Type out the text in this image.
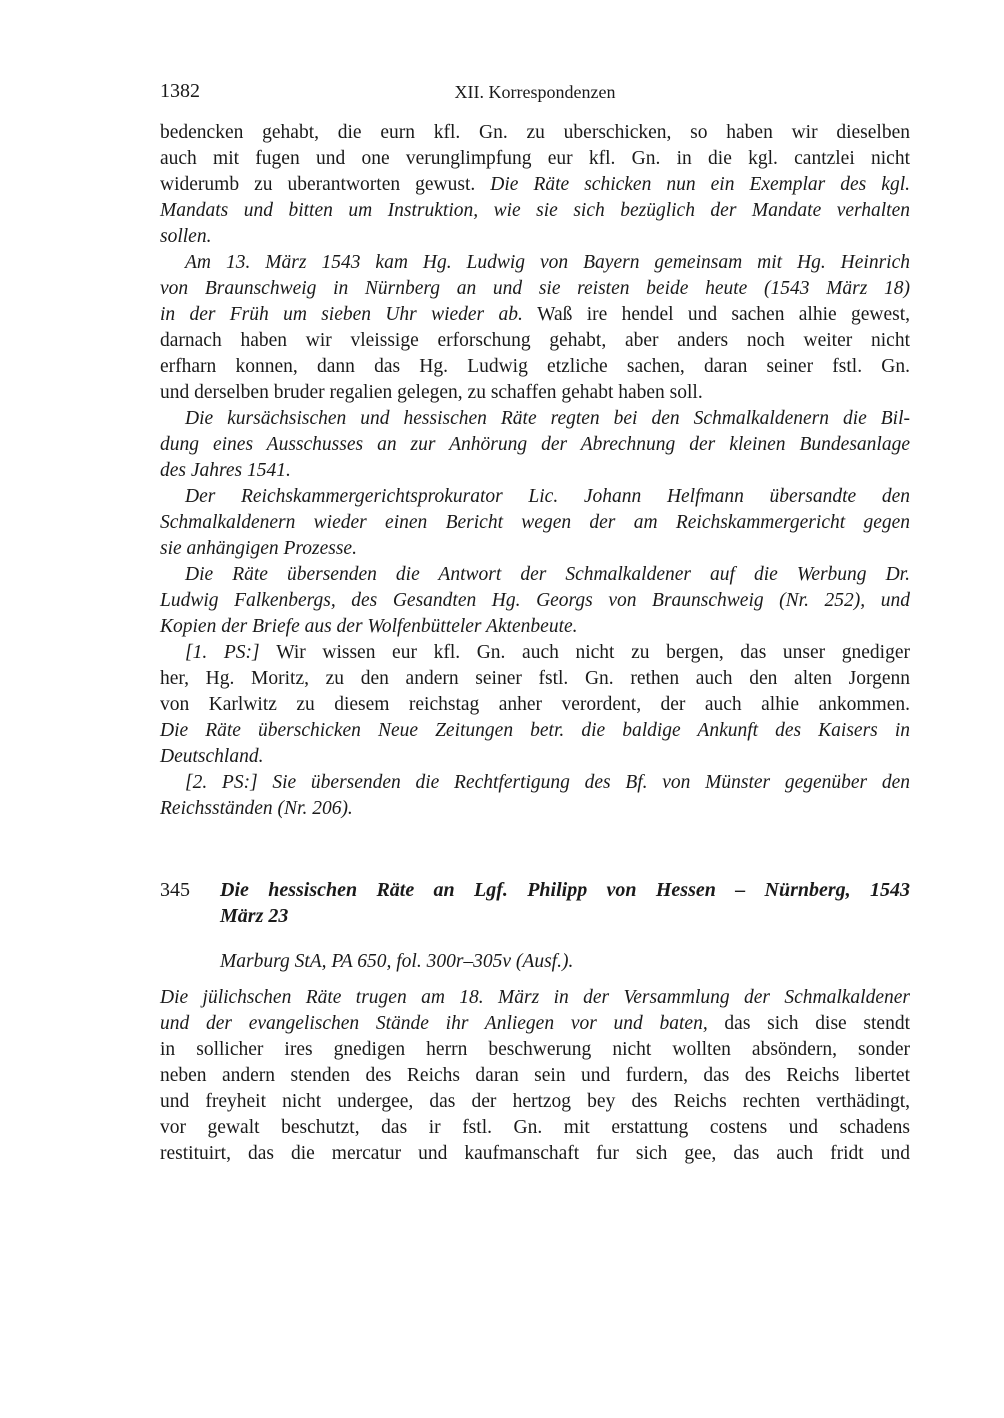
1382	XII. Korrespondenzen
bedencken gehabt, die eurn kfl. Gn. zu uberschicken, so haben wir dieselben
auch mit fugen und one verunglimpfung eur kfl. Gn. in die kgl. cantzlei nicht
widerumb zu uberantworten gewust. Die Räte schicken nun ein Exemplar des kgl.
Mandats und bitten um Instruktion, wie sie sich bezüglich der Mandate verhalten
sollen.
Am 13. März 1543 kam Hg. Ludwig von Bayern gemeinsam mit Hg. Heinrich
von Braunschweig in Nürnberg an und sie reisten beide heute (1543 März 18)
in der Früh um sieben Uhr wieder ab. Waß ire hendel und sachen alhie gewest,
darnach haben wir vleissige erforschung gehabt, aber anders noch weiter nicht
erfharn konnen, dann das Hg. Ludwig etzliche sachen, daran seiner fstl. Gn.
und derselben bruder regalien gelegen, zu schaffen gehabt haben soll.
Die kursächsischen und hessischen Räte regten bei den Schmalkaldenern die Bil-
dung eines Ausschusses an zur Anhörung der Abrechnung der kleinen Bundesanlage
des Jahres 1541.
Der Reichskammergerichtsprokurator Lic. Johann Helfmann übersandte den
Schmalkaldenern wieder einen Bericht wegen der am Reichskammergericht gegen
sie anhängigen Prozesse.
Die Räte übersenden die Antwort der Schmalkaldener auf die Werbung Dr.
Ludwig Falkenbergs, des Gesandten Hg. Georgs von Braunschweig (Nr. 252), und
Kopien der Briefe aus der Wolfenbütteler Aktenbeute.
[1. PS:] Wir wissen eur kfl. Gn. auch nicht zu bergen, das unser gnediger
her, Hg. Moritz, zu den andern seiner fstl. Gn. rethen auch den alten Jorgenn
von Karlwitz zu diesem reichstag anher verordent, der auch alhie ankommen.
Die Räte überschicken Neue Zeitungen betr. die baldige Ankunft des Kaisers in
Deutschland.
[2. PS:] Sie übersenden die Rechtfertigung des Bf. von Münster gegenüber den
Reichsständen (Nr. 206).
345 Die hessischen Räte an Lgf. Philipp von Hessen – Nürnberg, 1543
März 23
Marburg StA, PA 650, fol. 300r–305v (Ausf.).
Die jülichschen Räte trugen am 18. März in der Versammlung der Schmalkaldener
und der evangelischen Stände ihr Anliegen vor und baten, das sich dise stendt
in sollicher ires gnedigen herrn beschwerung nicht wollten absöndern, sonder
neben andern stenden des Reichs daran sein und furdern, das des Reichs libertet
und freyheit nicht undergee, das der hertzog bey des Reichs rechten verthädingt,
vor gewalt beschutzt, das ir fstl. Gn. mit erstattung costens und schadens
restituirt, das die mercatur und kaufmanschaft fur sich gee, das auch fridt und
